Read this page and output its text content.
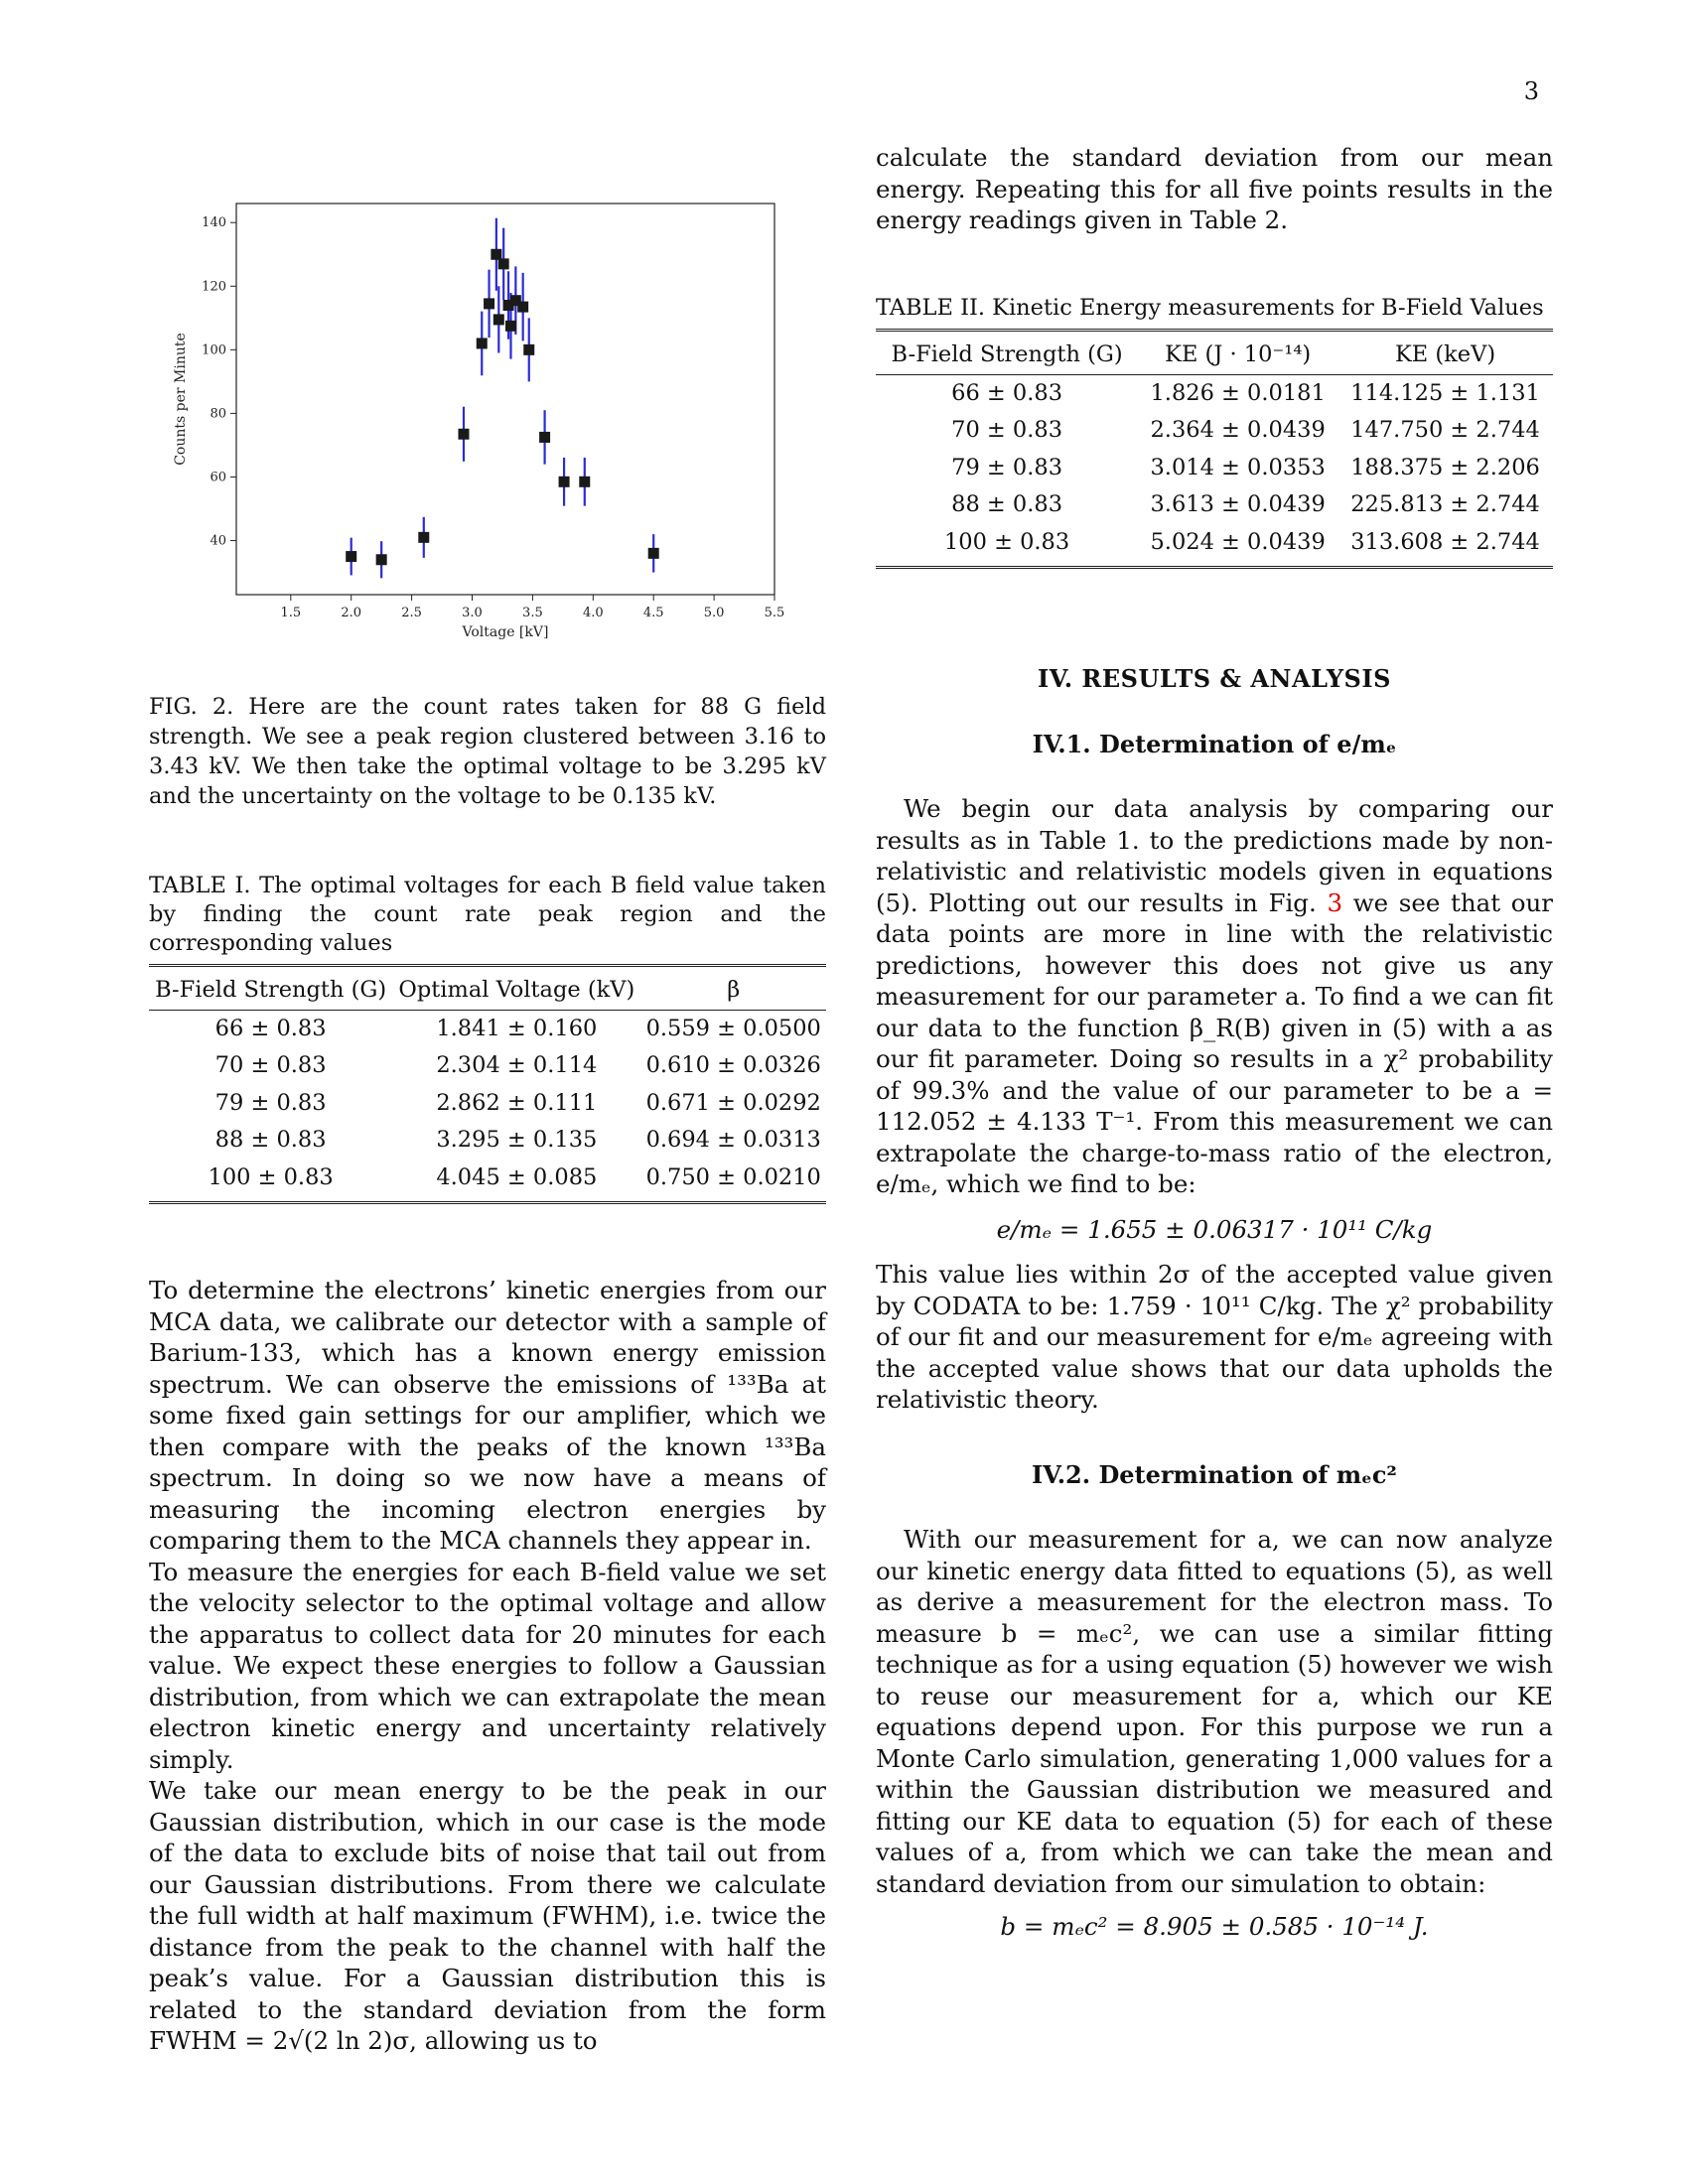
3
1.5	2.0	2.5	3.0	3.5	4.0	4.5	5.0	5.5
40
60
80
100
120
140
Voltage [kV]
Counts per Minute

FIG. 2. Here are the count rates taken for 88 G field strength. We see a peak region clustered between 3.16 to 3.43 kV. We then take the optimal voltage to be 3.295 kV and the uncertainty on the voltage to be 0.135 kV.

TABLE I. The optimal voltages for each B field value taken by finding the count rate peak region and the corresponding values

B-Field Strength (G)	Optimal Voltage (kV)	β
66 ± 0.83	1.841 ± 0.160	0.559 ± 0.0500
70 ± 0.83	2.304 ± 0.114	0.610 ± 0.0326
79 ± 0.83	2.862 ± 0.111	0.671 ± 0.0292
88 ± 0.83	3.295 ± 0.135	0.694 ± 0.0313
100 ± 0.83	4.045 ± 0.085	0.750 ± 0.0210

To determine the electrons’ kinetic energies from our MCA data, we calibrate our detector with a sample of Barium-133, which has a known energy emission spectrum. We can observe the emissions of ¹³³Ba at some fixed gain settings for our amplifier, which we then compare with the peaks of the known ¹³³Ba spectrum. In doing so we now have a means of measuring the incoming electron energies by comparing them to the MCA channels they appear in.

To measure the energies for each B-field value we set the velocity selector to the optimal voltage and allow the apparatus to collect data for 20 minutes for each value. We expect these energies to follow a Gaussian distribution, from which we can extrapolate the mean electron kinetic energy and uncertainty relatively simply.

We take our mean energy to be the peak in our Gaussian distribution, which in our case is the mode of the data to exclude bits of noise that tail out from our Gaussian distributions. From there we calculate the full width at half maximum (FWHM), i.e. twice the distance from the peak to the channel with half the peak’s value. For a Gaussian distribution this is related to the standard deviation from the form FWHM = 2√(2 ln 2)σ, allowing us to

calculate the standard deviation from our mean energy. Repeating this for all five points results in the energy readings given in Table 2.

TABLE II. Kinetic Energy measurements for B-Field Values

B-Field Strength (G)	KE (J · 10⁻¹⁴)	KE (keV)
66 ± 0.83	1.826 ± 0.0181	114.125 ± 1.131
70 ± 0.83	2.364 ± 0.0439	147.750 ± 2.744
79 ± 0.83	3.014 ± 0.0353	188.375 ± 2.206
88 ± 0.83	3.613 ± 0.0439	225.813 ± 2.744
100 ± 0.83	5.024 ± 0.0439	313.608 ± 2.744
IV. RESULTS & ANALYSIS
IV.1. Determination of e/mₑ

We begin our data analysis by comparing our results as in Table 1. to the predictions made by non-relativistic and relativistic models given in equations (5). Plotting out our results in Fig. 3 we see that our data points are more in line with the relativistic predictions, however this does not give us any measurement for our parameter a. To find a we can fit our data to the function β_R(B) given in (5) with a as our fit parameter. Doing so results in a χ² probability of 99.3% and the value of our parameter to be a = 112.052 ± 4.133 T⁻¹. From this measurement we can extrapolate the charge-to-mass ratio of the electron, e/mₑ, which we find to be:

e/mₑ = 1.655 ± 0.06317 · 10¹¹ C/kg

This value lies within 2σ of the accepted value given by CODATA to be: 1.759 · 10¹¹ C/kg. The χ² probability of our fit and our measurement for e/mₑ agreeing with the accepted value shows that our data upholds the relativistic theory.

IV.2. Determination of mₑc²

With our measurement for a, we can now analyze our kinetic energy data fitted to equations (5), as well as derive a measurement for the electron mass. To measure b = mₑc², we can use a similar fitting technique as for a using equation (5) however we wish to reuse our measurement for a, which our KE equations depend upon. For this purpose we run a Monte Carlo simulation, generating 1,000 values for a within the Gaussian distribution we measured and fitting our KE data to equation (5) for each of these values of a, from which we can take the mean and standard deviation from our simulation to obtain:

b = mₑc² = 8.905 ± 0.585 · 10⁻¹⁴ J.
